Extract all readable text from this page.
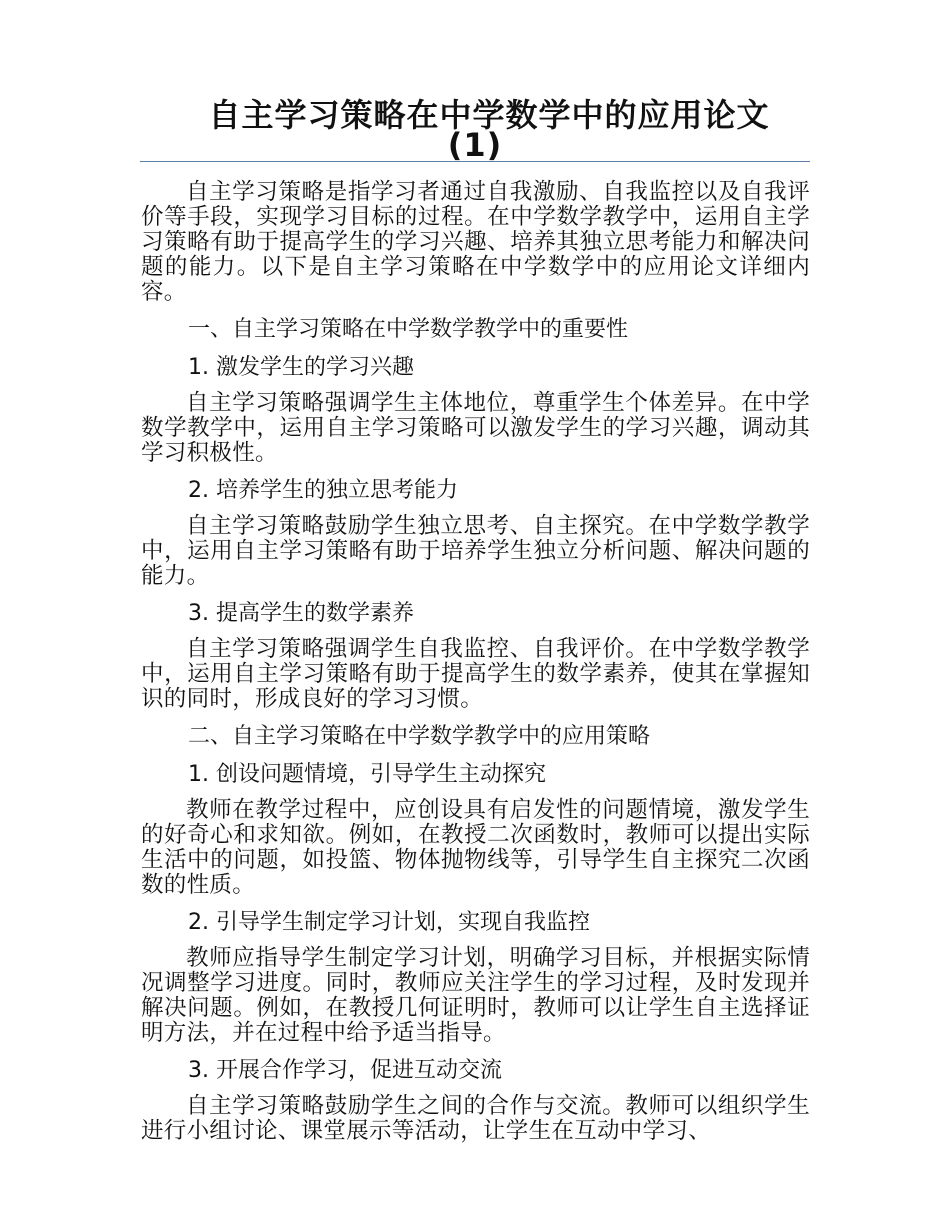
自主学习策略在中学数学中的应用论文
(1)

自主学习策略是指学习者通过自我激励、自我监控以及自我评价等手段，实现学习目标的过程。在中学数学教学中，运用自主学习策略有助于提高学生的学习兴趣、培养其独立思考能力和解决问题的能力。以下是自主学习策略在中学数学中的应用论文详细内容。

一、自主学习策略在中学数学教学中的重要性

1. 激发学生的学习兴趣

自主学习策略强调学生主体地位，尊重学生个体差异。在中学数学教学中，运用自主学习策略可以激发学生的学习兴趣，调动其学习积极性。

2. 培养学生的独立思考能力

自主学习策略鼓励学生独立思考、自主探究。在中学数学教学中，运用自主学习策略有助于培养学生独立分析问题、解决问题的能力。

3. 提高学生的数学素养

自主学习策略强调学生自我监控、自我评价。在中学数学教学中，运用自主学习策略有助于提高学生的数学素养，使其在掌握知识的同时，形成良好的学习习惯。

二、自主学习策略在中学数学教学中的应用策略

1. 创设问题情境，引导学生主动探究

教师在教学过程中，应创设具有启发性的问题情境，激发学生的好奇心和求知欲。例如，在教授二次函数时，教师可以提出实际生活中的问题，如投篮、物体抛物线等，引导学生自主探究二次函数的性质。

2. 引导学生制定学习计划，实现自我监控

教师应指导学生制定学习计划，明确学习目标，并根据实际情况调整学习进度。同时，教师应关注学生的学习过程，及时发现并解决问题。例如，在教授几何证明时，教师可以让学生自主选择证明方法，并在过程中给予适当指导。

3. 开展合作学习，促进互动交流

自主学习策略鼓励学生之间的合作与交流。教师可以组织学生进行小组讨论、课堂展示等活动，让学生在互动中学习、
